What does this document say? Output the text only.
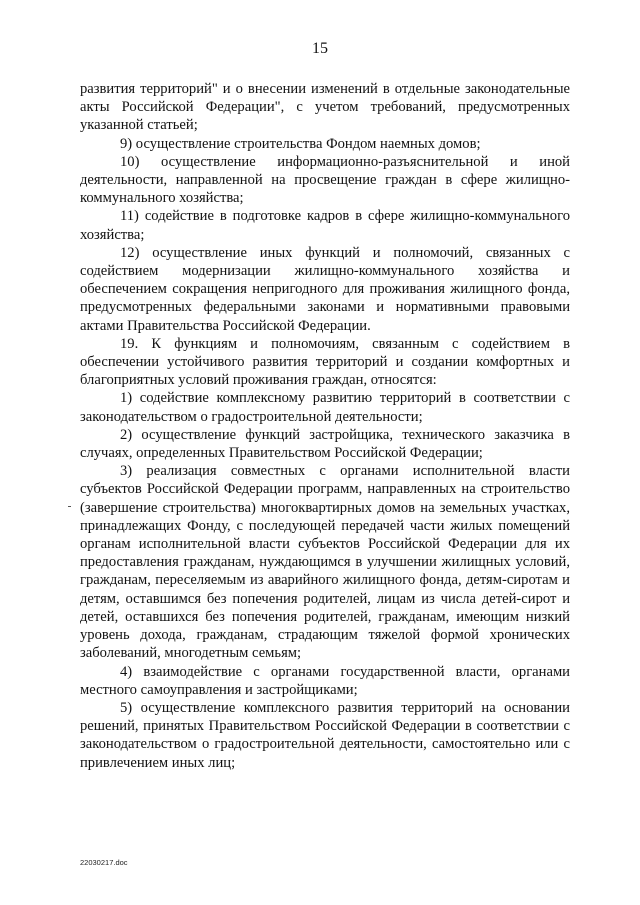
15

развития территорий" и о внесении изменений в отдельные законодательные акты Российской Федерации", с учетом требований, предусмотренных указанной статьей;

9) осуществление строительства Фондом наемных домов;

10) осуществление информационно-разъяснительной и иной деятельности, направленной на просвещение граждан в сфере жилищно-коммунального хозяйства;

11) содействие в подготовке кадров в сфере жилищно-коммунального хозяйства;

12) осуществление иных функций и полномочий, связанных с содействием модернизации жилищно-коммунального хозяйства и обеспечением сокращения непригодного для проживания жилищного фонда, предусмотренных федеральными законами и нормативными правовыми актами Правительства Российской Федерации.

19. К функциям и полномочиям, связанным с содействием в обеспечении устойчивого развития территорий и создании комфортных и благоприятных условий проживания граждан, относятся:

1) содействие комплексному развитию территорий в соответствии с законодательством о градостроительной деятельности;

2) осуществление функций застройщика, технического заказчика в случаях, определенных Правительством Российской Федерации;

3) реализация совместных с органами исполнительной власти субъектов Российской Федерации программ, направленных на строительство (завершение строительства) многоквартирных домов на земельных участках, принадлежащих Фонду, с последующей передачей части жилых помещений органам исполнительной власти субъектов Российской Федерации для их предоставления гражданам, нуждающимся в улучшении жилищных условий, гражданам, переселяемым из аварийного жилищного фонда, детям-сиротам и детям, оставшимся без попечения родителей, лицам из числа детей-сирот и детей, оставшихся без попечения родителей, гражданам, имеющим низкий уровень дохода, гражданам, страдающим тяжелой формой хронических заболеваний, многодетным семьям;

4) взаимодействие с органами государственной власти, органами местного самоуправления и застройщиками;

5) осуществление комплексного развития территорий на основании решений, принятых Правительством Российской Федерации в соответствии с законодательством о градостроительной деятельности, самостоятельно или с привлечением иных лиц;

22030217.doc
